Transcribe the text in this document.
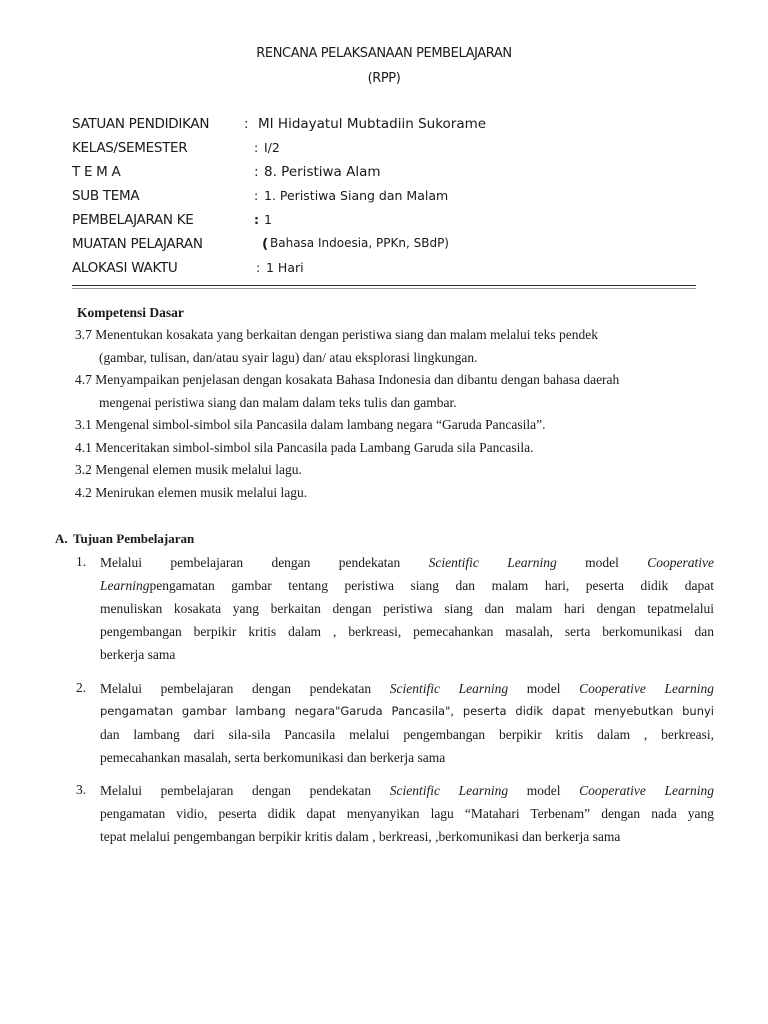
RENCANA PELAKSANAAN PEMBELAJARAN
(RPP)
SATUAN PENDIDIKAN	: MI Hidayatul Mubtadiin Sukorame
KELAS/SEMESTER	: I/2
T E M A	: 8. Peristiwa Alam
SUB TEMA	: 1. Peristiwa Siang dan Malam
PEMBELAJARAN KE	: 1
MUATAN PELAJARAN	( Bahasa Indoesia, PPKn, SBdP)
ALOKASI WAKTU	: 1 Hari
Kompetensi Dasar
3.7 Menentukan kosakata yang berkaitan dengan peristiwa siang dan malam melalui teks pendek
(gambar, tulisan, dan/atau syair lagu) dan/ atau eksplorasi lingkungan.
4.7 Menyampaikan penjelasan dengan kosakata Bahasa Indonesia dan dibantu dengan bahasa daerah
mengenai peristiwa siang dan malam dalam teks tulis dan gambar.
3.1 Mengenal simbol-simbol sila Pancasila dalam lambang negara “Garuda Pancasila”.
4.1 Menceritakan simbol-simbol sila Pancasila pada Lambang Garuda sila Pancasila.
3.2 Mengenal elemen musik melalui lagu.
4.2 Menirukan elemen musik melalui lagu.
A. Tujuan Pembelajaran
1. Melalui pembelajaran dengan pendekatan Scientific Learning model Cooperative
Learningpengamatan gambar tentang peristiwa siang dan malam hari, peserta didik dapat
menuliskan kosakata yang berkaitan dengan peristiwa siang dan malam hari dengan tepatmelalui
pengembangan berpikir kritis dalam , berkreasi, pemecahankan masalah, serta berkomunikasi dan
berkerja sama
2. Melalui pembelajaran dengan pendekatan Scientific Learning model Cooperative Learning
pengamatan gambar lambang negara"Garuda Pancasila", peserta didik dapat menyebutkan bunyi
dan lambang dari sila-sila Pancasila melalui pengembangan berpikir kritis dalam , berkreasi,
pemecahankan masalah, serta berkomunikasi dan berkerja sama
3. Melalui pembelajaran dengan pendekatan Scientific Learning model Cooperative Learning
pengamatan vidio, peserta didik dapat menyanyikan lagu “Matahari Terbenam” dengan nada yang
tepat melalui pengembangan berpikir kritis dalam , berkreasi, ,berkomunikasi dan berkerja sama
